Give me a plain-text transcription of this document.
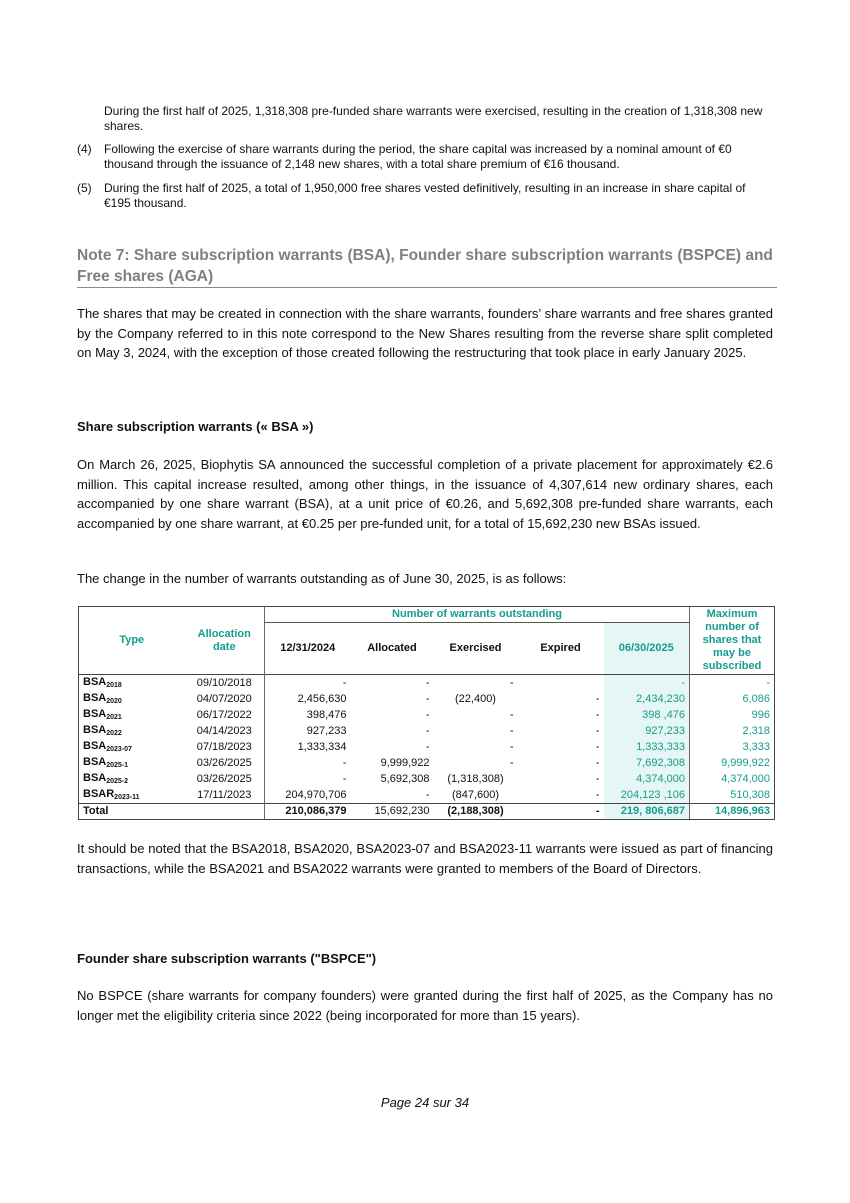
During the first half of 2025, 1,318,308 pre-funded share warrants were exercised, resulting in the creation of 1,318,308 new shares.
(4)	Following the exercise of share warrants during the period, the share capital was increased by a nominal amount of €0 thousand through the issuance of 2,148 new shares, with a total share premium of €16 thousand.
(5)	During the first half of 2025, a total of 1,950,000 free shares vested definitively, resulting in an increase in share capital of €195 thousand.
Note 7: Share subscription warrants (BSA), Founder share subscription warrants (BSPCE) and Free shares (AGA)
The shares that may be created in connection with the share warrants, founders’ share warrants and free shares granted by the Company referred to in this note correspond to the New Shares resulting from the reverse share split completed on May 3, 2024, with the exception of those created following the restructuring that took place in early January 2025.
Share subscription warrants (« BSA »)
On March 26, 2025, Biophytis SA announced the successful completion of a private placement for approximately €2.6 million. This capital increase resulted, among other things, in the issuance of 4,307,614 new ordinary shares, each accompanied by one share warrant (BSA), at a unit price of €0.26, and 5,692,308 pre-funded share warrants, each accompanied by one share warrant, at €0.25 per pre-funded unit, for a total of 15,692,230 new BSAs issued.
The change in the number of warrants outstanding as of June 30, 2025, is as follows:
Type	Allocation date	Number of warrants outstanding					Maximum number of shares that may be subscribed
		12/31/2024	Allocated	Exercised	Expired	06/30/2025	
$BSA_{2018}$	09/10/2018	-	-	-		-	-
$BSA_{2020}$	04/07/2020	2,456,630	-	(22,400)	-	2,434,230	6,086
$BSA_{2021}$	06/17/2022	398,476	-	-	-	398 ,476	996
$BSA_{2022}$	04/14/2023	927,233	-	-	-	927,233	2,318
$BSA_{2023-07}$	07/18/2023	1,333,334	-	-	-	1,333,333	3,333
$BSA_{2025-1}$	03/26/2025	-	9,999,922	-	-	7,692,308	9,999,922
$BSA_{2025-2}$	03/26/2025	-	5,692,308	(1,318,308)	-	4,374,000	4,374,000
$BSAR_{2023-11}$	17/11/2023	204,970,706	-	(847,600)	-	204,123 ,106	510,308
Total		210,086,379	15,692,230	(2,188,308)	-	219, 806,687	14,896,963
It should be noted that the BSA2018, BSA2020, BSA2023-07 and BSA2023-11 warrants were issued as part of financing transactions, while the BSA2021 and BSA2022 warrants were granted to members of the Board of Directors.
Founder share subscription warrants ("BSPCE")
No BSPCE (share warrants for company founders) were granted during the first half of 2025, as the Company has no longer met the eligibility criteria since 2022 (being incorporated for more than 15 years).
Page 24 sur 34
